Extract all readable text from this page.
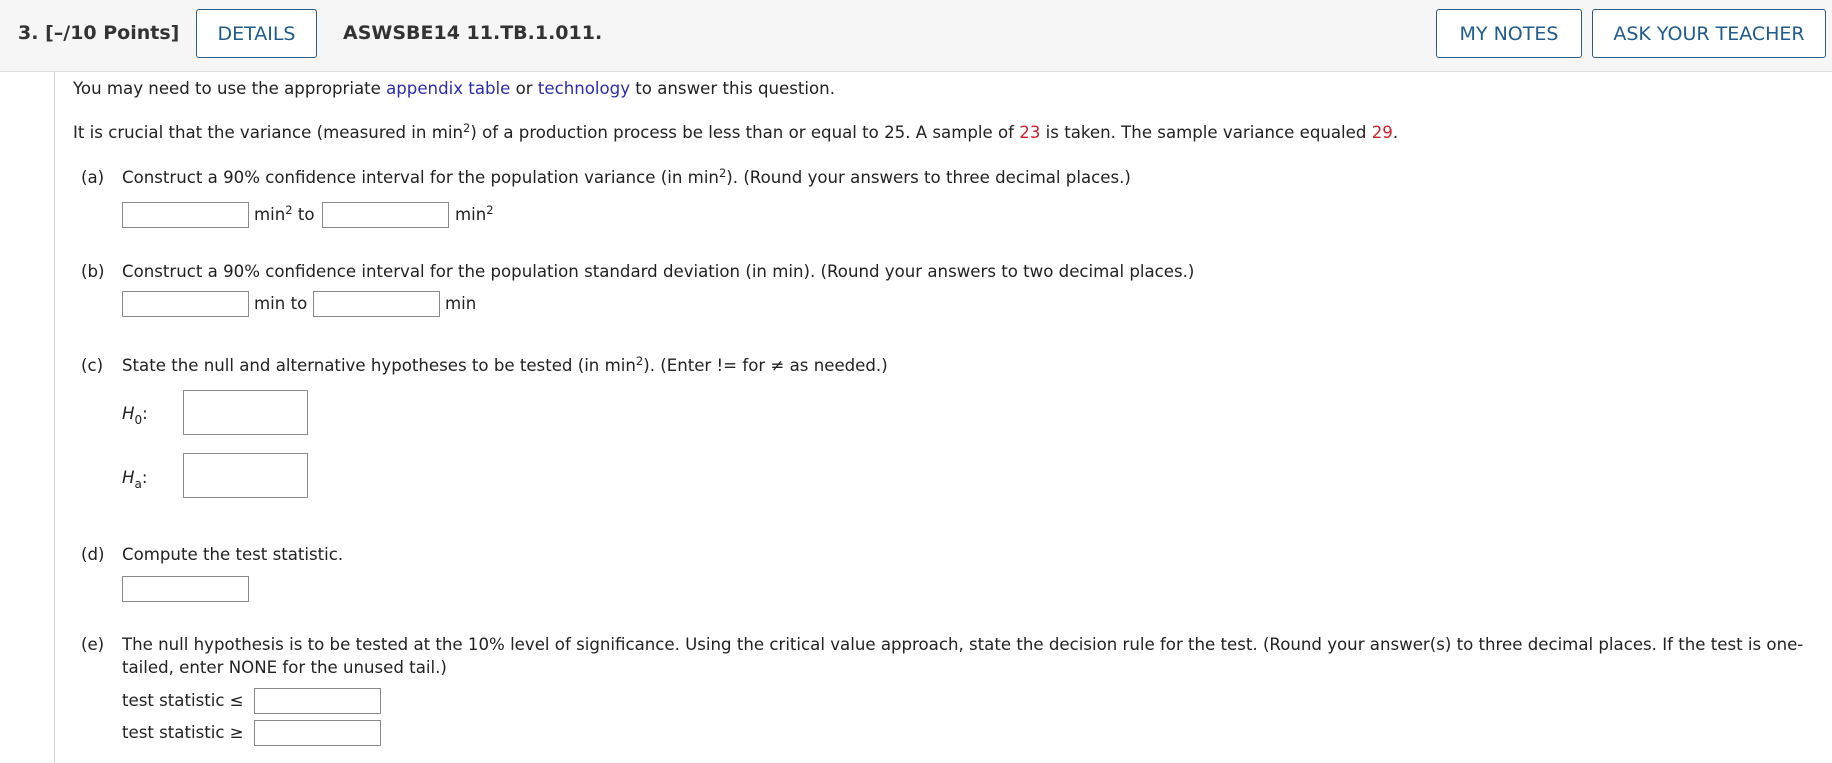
3. [–/10 Points]	DETAILS	ASWSBE14 11.TB.1.011.	MY NOTES	ASK YOUR TEACHER
You may need to use the appropriate appendix table or technology to answer this question.
It is crucial that the variance (measured in $\min^2$) of a production process be less than or equal to 25. A sample of 23 is taken. The sample variance equaled 29.
(a) Construct a 90% confidence interval for the population variance (in $\min^2$). (Round your answers to three decimal places.)
$\min^2$ to	$\min^2$
(b) Construct a 90% confidence interval for the population standard deviation (in min). (Round your answers to two decimal places.)
min to	min
(c) State the null and alternative hypotheses to be tested (in $\min^2$). (Enter != for ≠ as needed.)
$H_0$:
$H_a$:
(d) Compute the test statistic.
(e) The null hypothesis is to be tested at the 10% level of significance. Using the critical value approach, state the decision rule for the test. (Round your answer(s) to three decimal places. If the test is one-
tailed, enter NONE for the unused tail.)
test statistic ≤
test statistic ≥
